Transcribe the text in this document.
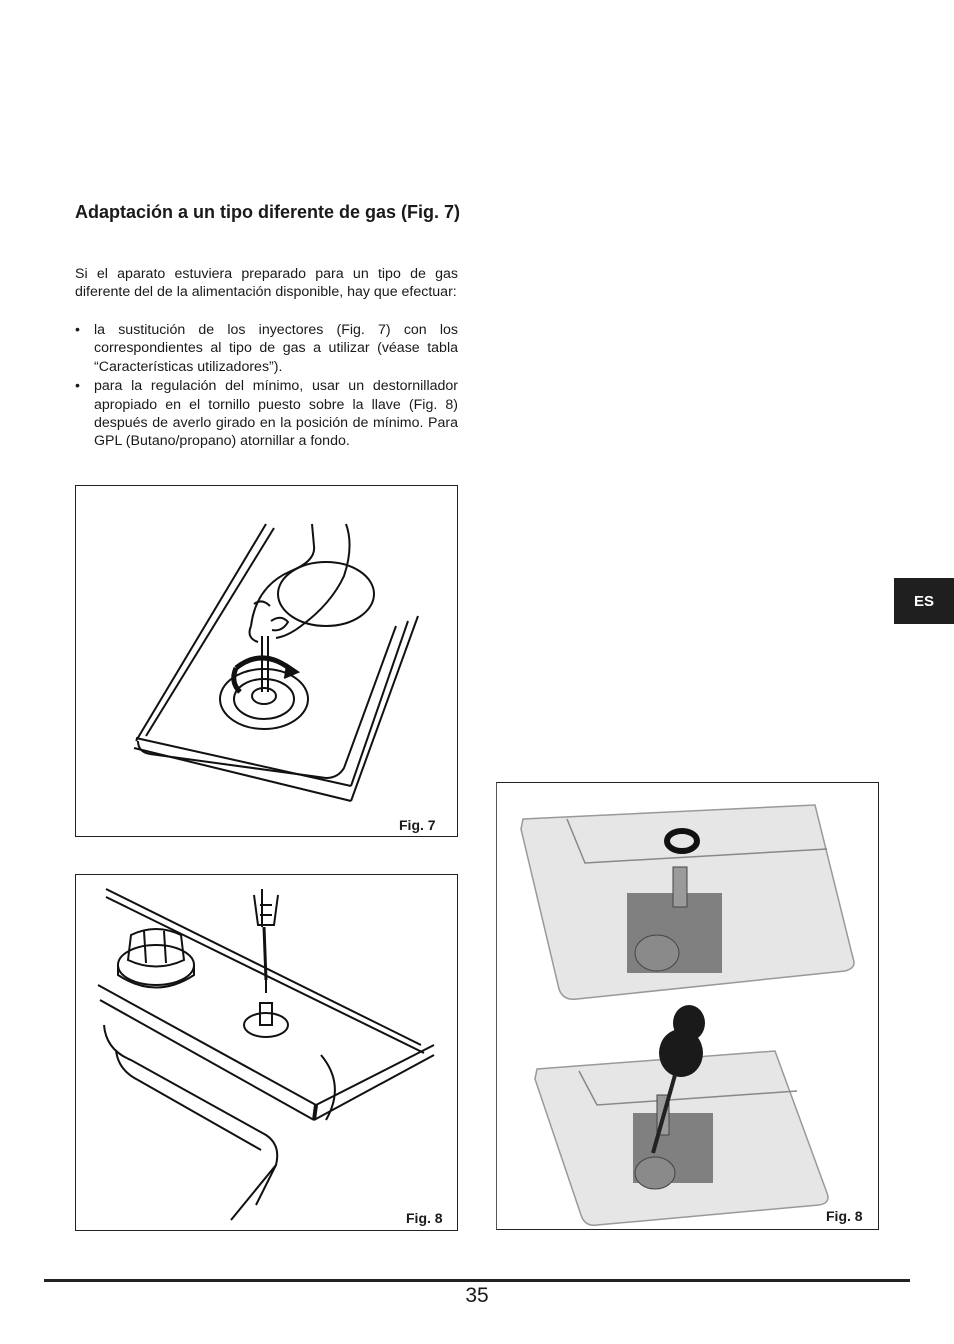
Adaptación a un tipo diferente de gas (Fig. 7)

Si el aparato estuviera preparado para un tipo de gas diferente del de la alimentación disponible, hay que efectuar:

• la sustitución de los inyectores (Fig. 7) con los correspondientes al tipo de gas a utilizar (véase tabla “Características utilizadores”).
• para la regulación del mínimo, usar un destornillador apropiado en el tornillo puesto sobre la llave (Fig. 8) después de averlo girado en la posición de mínimo. Para GPL (Butano/propano) atornillar a fondo.
Fig. 7
Fig. 8	Fig. 8
ES
35
